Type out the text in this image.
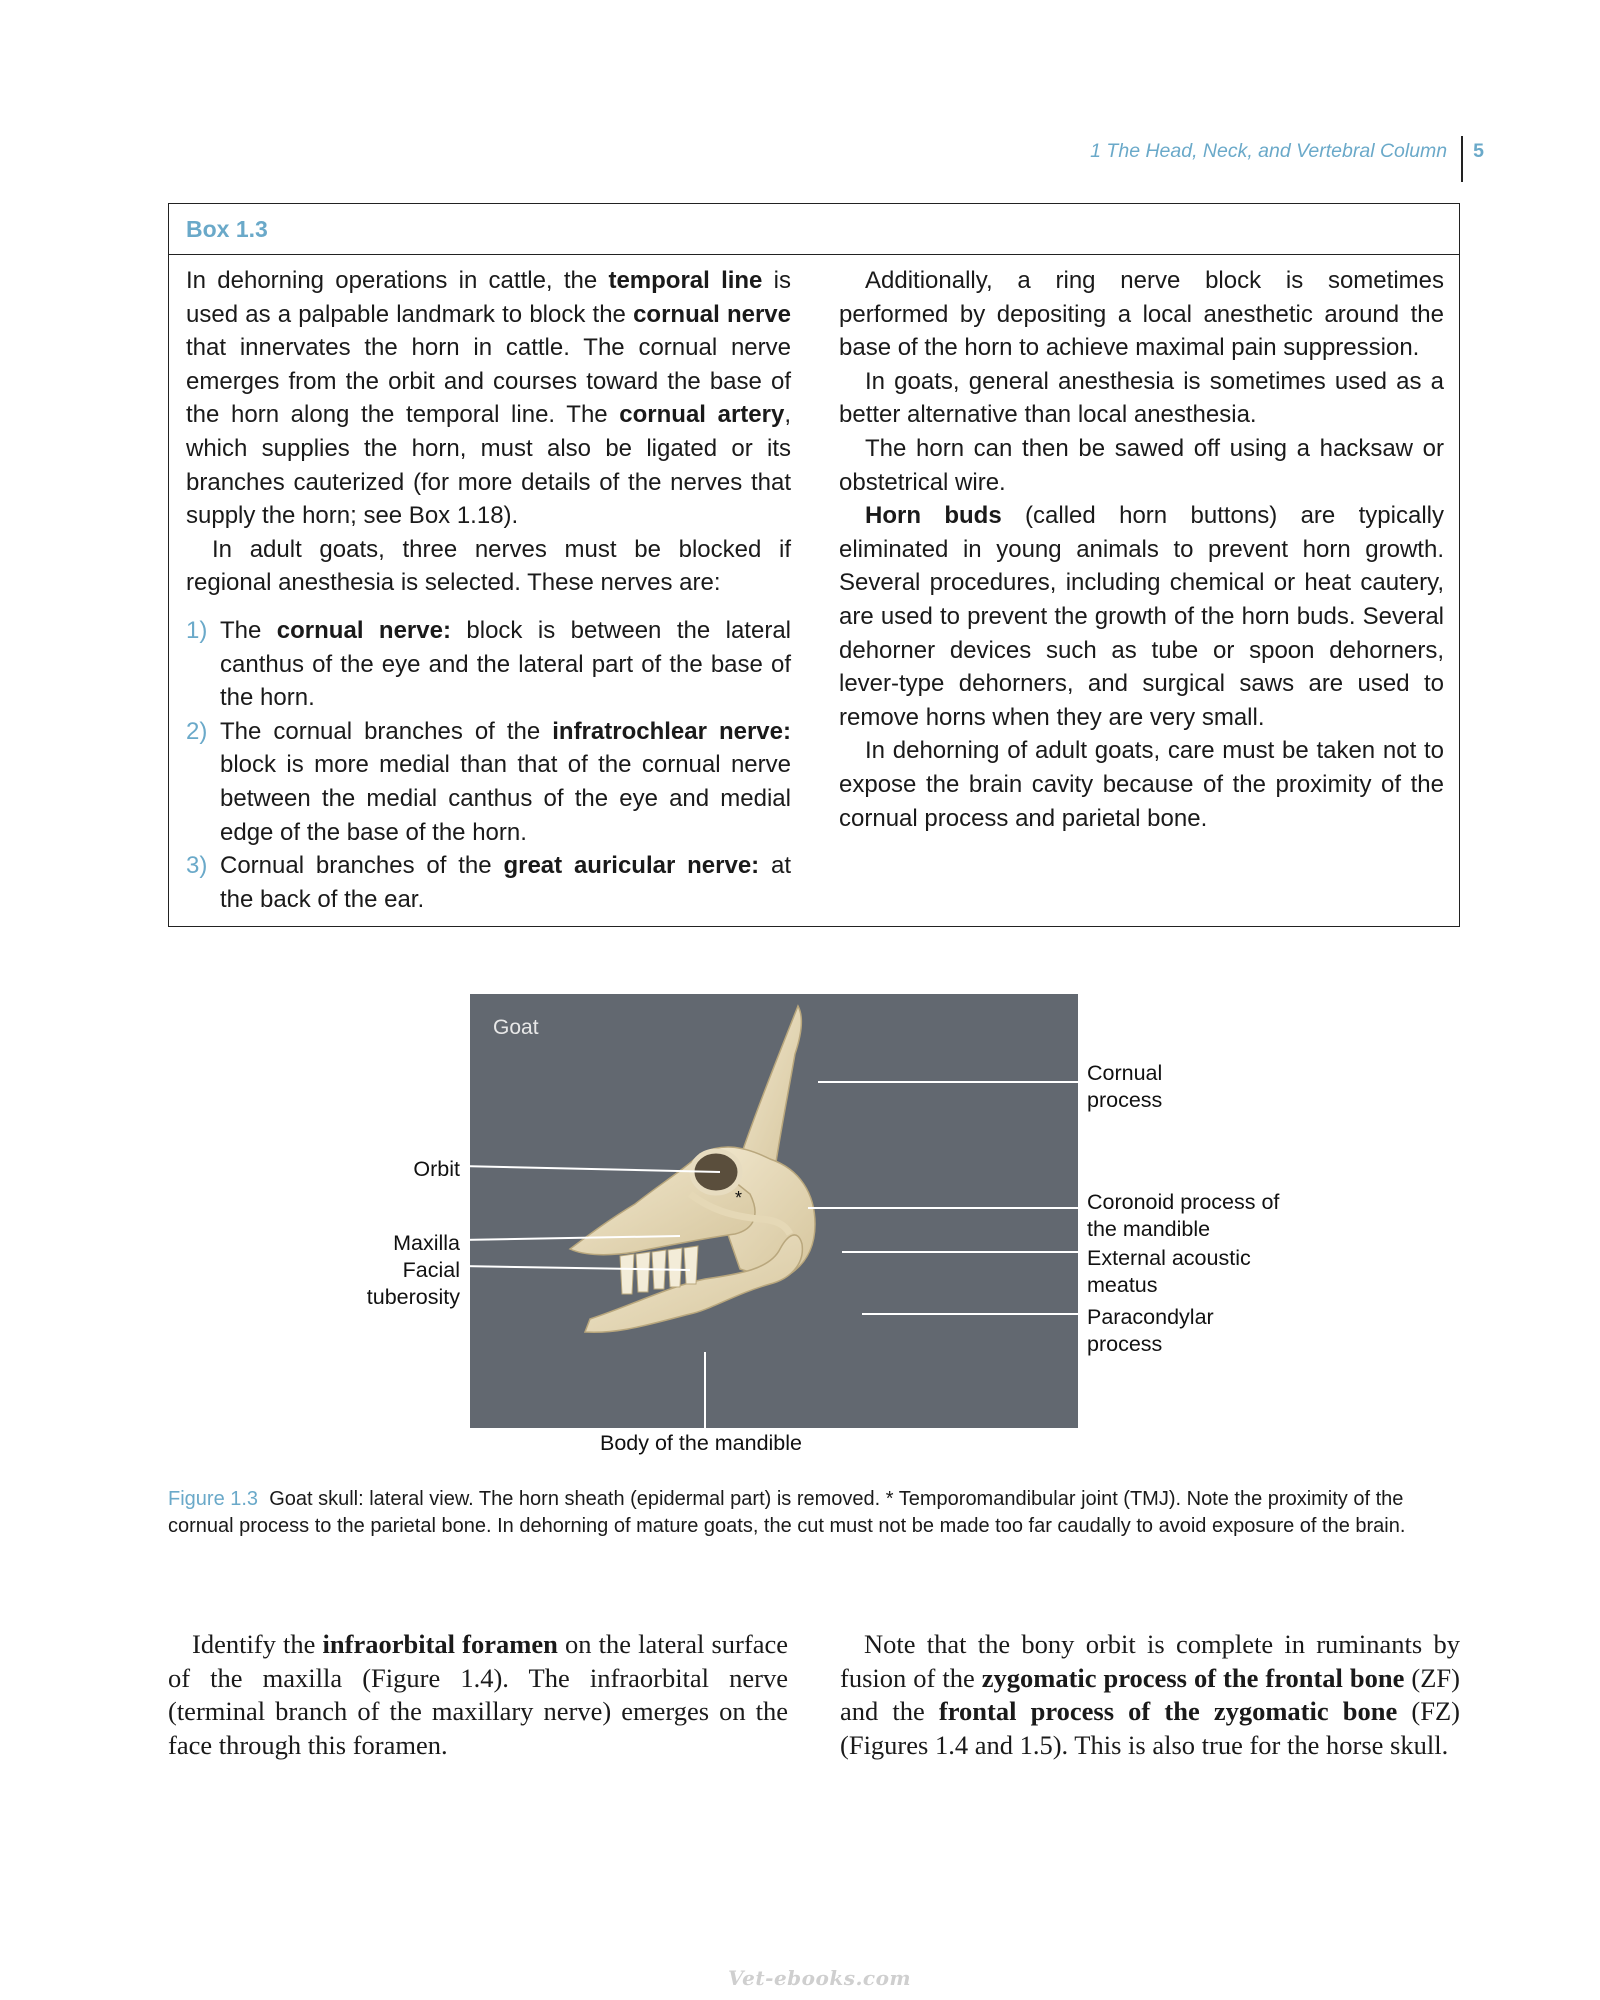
1 The Head, Neck, and Vertebral Column	5
Box 1.3

In dehorning operations in cattle, the temporal line is used as a palpable landmark to block the cornual nerve that innervates the horn in cattle. The cornual nerve emerges from the orbit and courses toward the base of the horn along the temporal line. The cornual artery, which supplies the horn, must also be ligated or its branches cauterized (for more details of the nerves that supply the horn; see Box 1.18).

In adult goats, three nerves must be blocked if regional anesthesia is selected. These nerves are:

1) The cornual nerve: block is between the lateral canthus of the eye and the lateral part of the base of the horn.
2) The cornual branches of the infratrochlear nerve: block is more medial than that of the cornual nerve between the medial canthus of the eye and medial edge of the base of the horn.
3) Cornual branches of the great auricular nerve: at the back of the ear.

Additionally, a ring nerve block is sometimes performed by depositing a local anesthetic around the base of the horn to achieve maximal pain suppression.

In goats, general anesthesia is sometimes used as a better alternative than local anesthesia.

The horn can then be sawed off using a hacksaw or obstetrical wire.

Horn buds (called horn buttons) are typically eliminated in young animals to prevent horn growth. Several procedures, including chemical or heat cautery, are used to prevent the growth of the horn buds. Several dehorner devices such as tube or spoon dehorners, lever-type dehorners, and surgical saws are used to remove horns when they are very small.

In dehorning of adult goats, care must be taken not to expose the brain cavity because of the proximity of the cornual process and parietal bone.

*
Goat
Orbit
Maxilla
Facial tuberosity
Cornual process
Coronoid process of the mandible
External acoustic meatus
Paracondylar process
Body of the mandible
Figure 1.3 Goat skull: lateral view. The horn sheath (epidermal part) is removed. * Temporomandibular joint (TMJ). Note the proximity of the cornual process to the parietal bone. In dehorning of mature goats, the cut must not be made too far caudally to avoid exposure of the brain.

Identify the infraorbital foramen on the lateral surface of the maxilla (Figure 1.4). The infraorbital nerve (terminal branch of the maxillary nerve) emerges on the face through this foramen.

Note that the bony orbit is complete in ruminants by fusion of the zygomatic process of the frontal bone (ZF) and the frontal process of the zygomatic bone (FZ) (Figures 1.4 and 1.5). This is also true for the horse skull.

Vet-ebooks.com
